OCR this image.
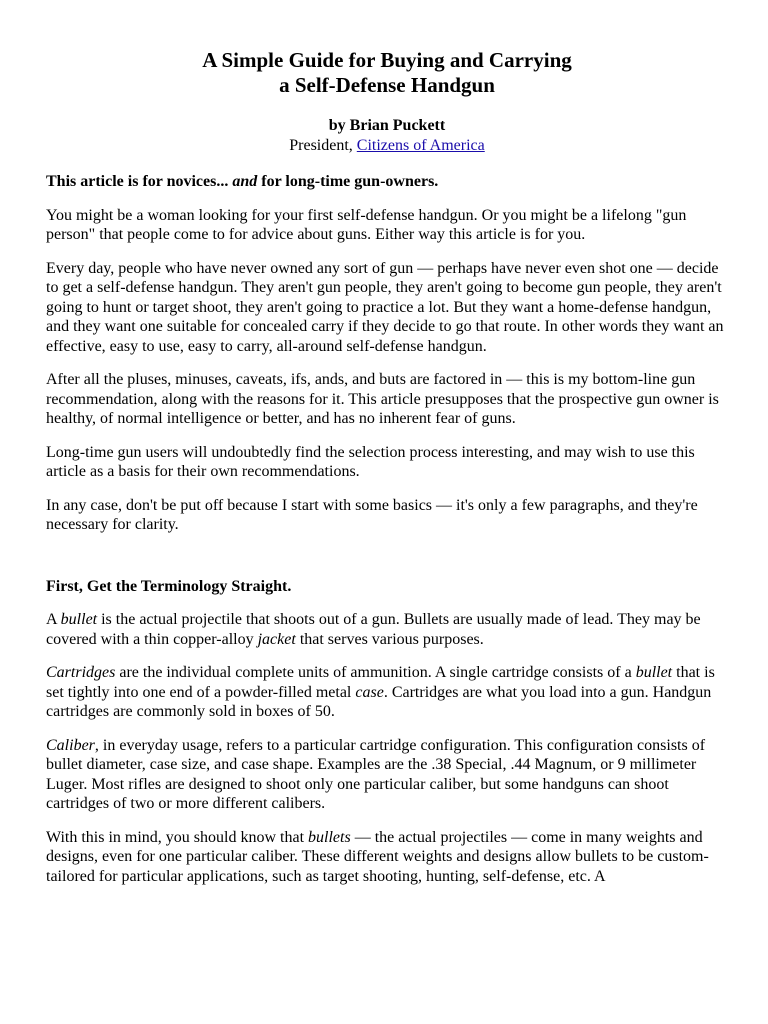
A Simple Guide for Buying and Carrying
a Self-Defense Handgun
by Brian Puckett
President, Citizens of America

This article is for novices... and for long-time gun-owners.

You might be a woman looking for your first self-defense handgun. Or you might be a lifelong "gun person" that people come to for advice about guns. Either way this article is for you.

Every day, people who have never owned any sort of gun — perhaps have never even shot one — decide to get a self-defense handgun. They aren't gun people, they aren't going to become gun people, they aren't going to hunt or target shoot, they aren't going to practice a lot. But they want a home-defense handgun, and they want one suitable for concealed carry if they decide to go that route. In other words they want an effective, easy to use, easy to carry, all-around self-defense handgun.

After all the pluses, minuses, caveats, ifs, ands, and buts are factored in — this is my bottom-line gun recommendation, along with the reasons for it. This article presupposes that the prospective gun owner is healthy, of normal intelligence or better, and has no inherent fear of guns.

Long-time gun users will undoubtedly find the selection process interesting, and may wish to use this article as a basis for their own recommendations.

In any case, don't be put off because I start with some basics — it's only a few paragraphs, and they're necessary for clarity.

First, Get the Terminology Straight.

A bullet is the actual projectile that shoots out of a gun. Bullets are usually made of lead. They may be covered with a thin copper-alloy jacket that serves various purposes.

Cartridges are the individual complete units of ammunition. A single cartridge consists of a bullet that is set tightly into one end of a powder-filled metal case. Cartridges are what you load into a gun. Handgun cartridges are commonly sold in boxes of 50.

Caliber, in everyday usage, refers to a particular cartridge configuration. This configuration consists of bullet diameter, case size, and case shape. Examples are the .38 Special, .44 Magnum, or 9 millimeter Luger. Most rifles are designed to shoot only one particular caliber, but some handguns can shoot cartridges of two or more different calibers.

With this in mind, you should know that bullets — the actual projectiles — come in many weights and designs, even for one particular caliber. These different weights and designs allow bullets to be custom-tailored for particular applications, such as target shooting, hunting, self-defense, etc. A
